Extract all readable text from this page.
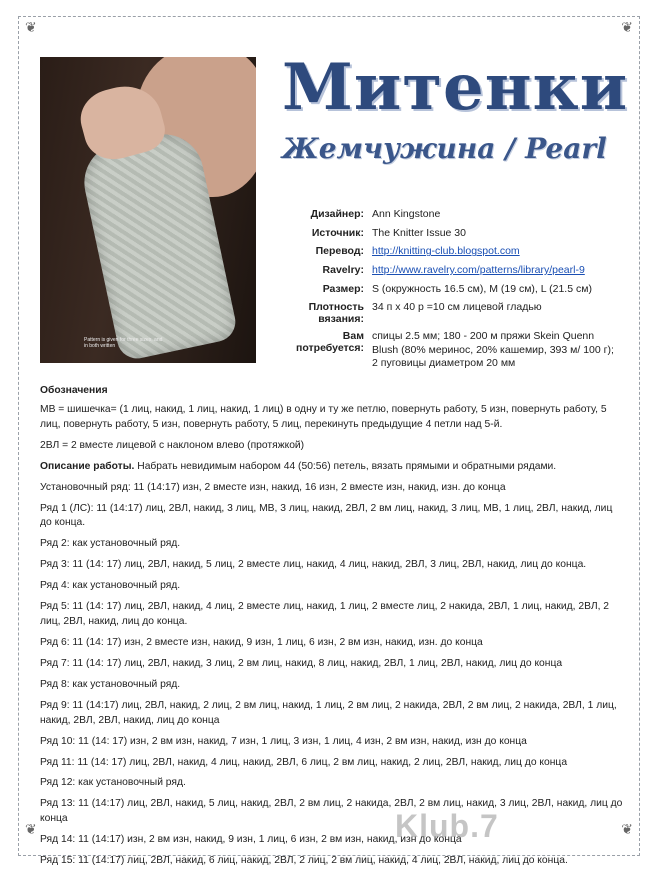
❦	❦
❦	❦
Pattern is given for three sizes, and in both written
Митенки
Жемчужина / Pearl
Дизайнер: Ann Kingstone
Источник: The Knitter Issue 30
Перевод: http://knitting-club.blogspot.com
Ravelry: http://www.ravelry.com/patterns/library/pearl-9
Размер: S (окружность 16.5 см), M (19 см), L (21.5 см)
Плотность вязания:
34 п х 40 р =10 см лицевой гладью
Вам потребуется:
спицы 2.5 мм; 180 - 200 м пряжи Skein Quenn Blush (80% меринос, 20% кашемир, 393 м/ 100 г); 2 пуговицы диаметром 20 мм

Обозначения

МВ = шишечка= (1 лиц, накид, 1 лиц, накид, 1 лиц) в одну и ту же петлю, повернуть работу, 5 изн, повернуть работу, 5 лиц, повернуть работу, 5 изн, повернуть работу, 5 лиц, перекинуть предыдущие 4 петли над 5-й.

2ВЛ = 2 вместе лицевой с наклоном влево (протяжкой)

Описание работы. Набрать невидимым набором 44 (50:56) петель, вязать прямыми и обратными рядами.

Установочный ряд: 11 (14:17) изн, 2 вместе изн, накид, 16 изн, 2 вместе изн, накид, изн. до конца

Ряд 1 (ЛС): 11 (14:17) лиц, 2ВЛ, накид, 3 лиц, МВ, 3 лиц, накид, 2ВЛ, 2 вм лиц, накид, 3 лиц, МВ, 1 лиц, 2ВЛ, накид, лиц до конца.

Ряд 2: как установочный ряд.

Ряд 3: 11 (14: 17) лиц, 2ВЛ, накид, 5 лиц, 2 вместе лиц, накид, 4 лиц, накид, 2ВЛ, 3 лиц, 2ВЛ, накид, лиц до конца.

Ряд 4: как установочный ряд.

Ряд 5: 11 (14: 17) лиц, 2ВЛ, накид, 4 лиц, 2 вместе лиц, накид, 1 лиц, 2 вместе лиц, 2 накида, 2ВЛ, 1 лиц, накид, 2ВЛ, 2 лиц, 2ВЛ, накид, лиц до конца.

Ряд 6: 11 (14: 17) изн, 2 вместе изн, накид, 9 изн, 1 лиц, 6 изн, 2 вм изн, накид, изн. до конца

Ряд 7: 11 (14: 17) лиц, 2ВЛ, накид, 3 лиц, 2 вм лиц, накид, 8 лиц, накид, 2ВЛ, 1 лиц, 2ВЛ, накид, лиц до конца

Ряд 8: как установочный ряд.

Ряд 9: 11 (14:17) лиц, 2ВЛ, накид, 2 лиц, 2 вм лиц, накид, 1 лиц, 2 вм лиц, 2 накида, 2ВЛ, 2 вм лиц, 2 накида, 2ВЛ, 1 лиц, накид, 2ВЛ, 2ВЛ, накид, лиц до конца

Ряд 10: 11 (14: 17) изн, 2 вм изн, накид, 7 изн, 1 лиц, 3 изн, 1 лиц, 4 изн, 2 вм изн, накид, изн до конца

Ряд 11: 11 (14: 17) лиц, 2ВЛ, накид, 4 лиц, накид, 2ВЛ, 6 лиц, 2 вм лиц, накид, 2 лиц, 2ВЛ, накид, лиц до конца

Ряд 12: как установочный ряд.

Ряд 13: 11 (14:17) лиц, 2ВЛ, накид, 5 лиц, накид, 2ВЛ, 2 вм лиц, 2 накида, 2ВЛ, 2 вм лиц, накид, 3 лиц, 2ВЛ, накид, лиц до конца

Ряд 14: 11 (14:17) изн, 2 вм изн, накид, 9 изн, 1 лиц, 6 изн, 2 вм изн, накид, изн до конца

Ряд 15: 11 (14:17) лиц, 2ВЛ, накид, 6 лиц, накид, 2ВЛ, 2 лиц, 2 вм лиц, накид, 4 лиц, 2ВЛ, накид, лиц до конца.

Klub.7
